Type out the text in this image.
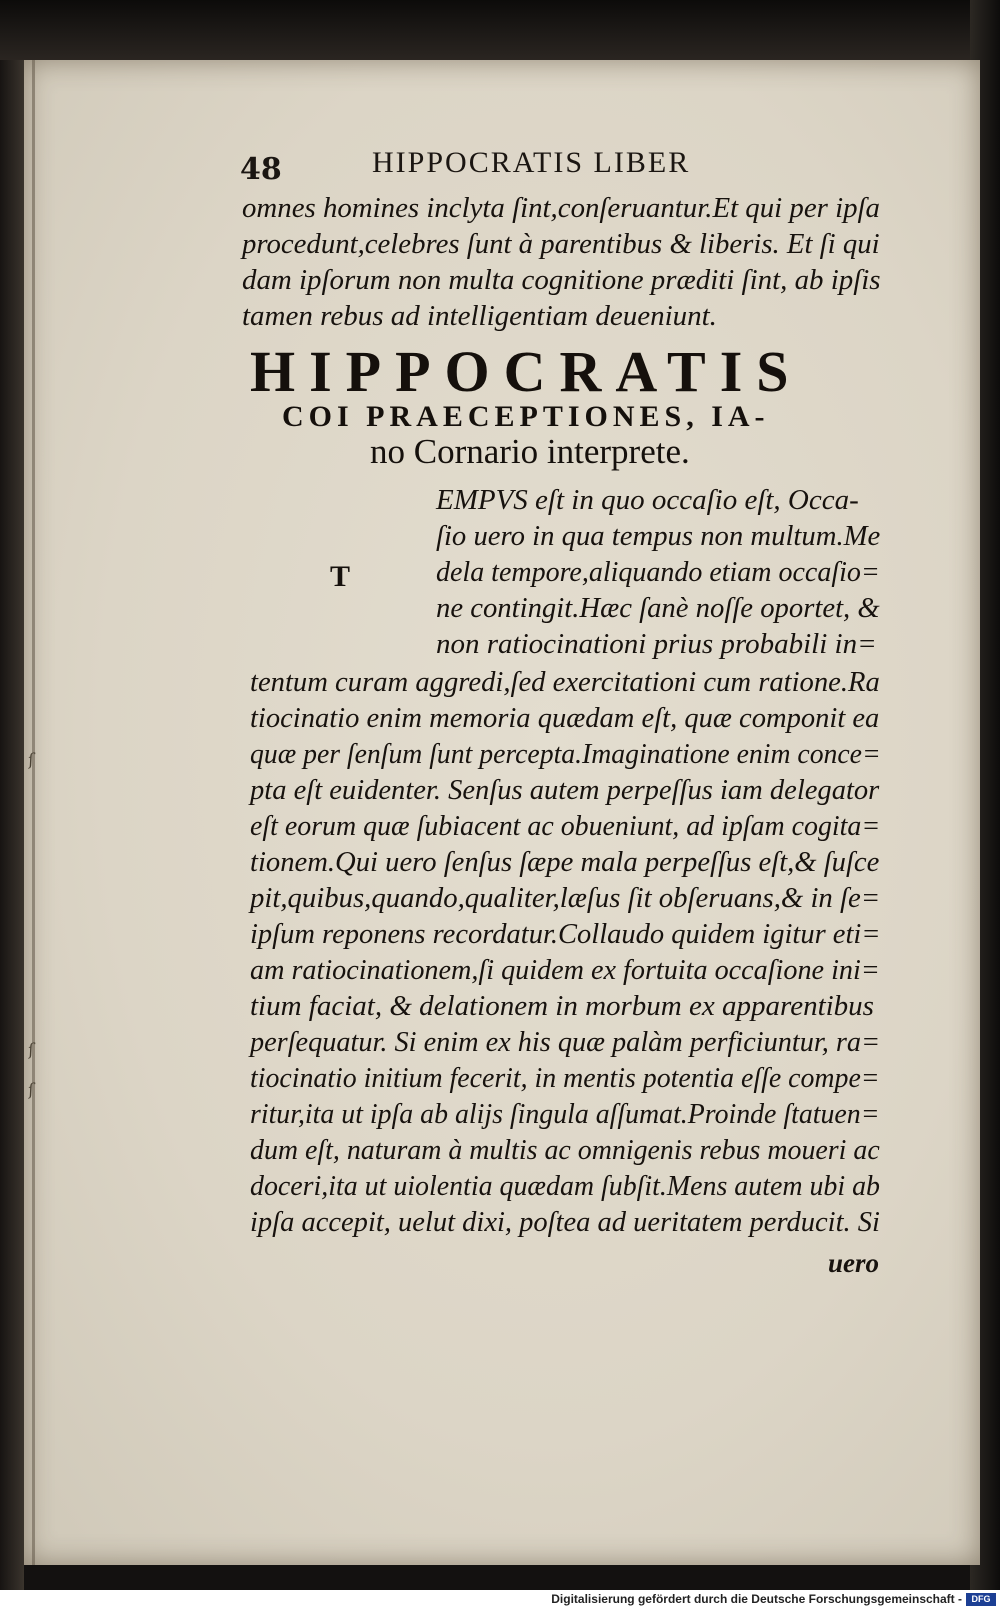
ſ
ſ
ſ
48	HIPPOCRATIS LIBER
omnes homines inclyta ſint,conſeruantur.Et qui per ipſa
procedunt,celebres ſunt à parentibus & liberis. Et ſi qui
dam ipſorum non multa cognitione præditi ſint, ab ipſis
tamen rebus ad intelligentiam deueniunt.
HIPPOCRATIS
COI PRAECEPTIONES, IA-
no Cornario interprete.
T
EMPVS eſt in quo occaſio eſt, Occa-
ſio uero in qua tempus non multum.Me
dela tempore,aliquando etiam occaſio=
ne contingit.Hæc ſanè noſſe oportet, &
non ratiocinationi prius probabili in=
tentum curam aggredi,ſed exercitationi cum ratione.Ra
tiocinatio enim memoria quædam eſt, quæ componit ea
quæ per ſenſum ſunt percepta.Imaginatione enim conce=
pta eſt euidenter. Senſus autem perpeſſus iam delegator
eſt eorum quæ ſubiacent ac obueniunt, ad ipſam cogita=
tionem.Qui uero ſenſus ſæpe mala perpeſſus eſt,& ſuſce
pit,quibus,quando,qualiter,læſus ſit obſeruans,& in ſe=
ipſum reponens recordatur.Collaudo quidem igitur eti=
am ratiocinationem,ſi quidem ex fortuita occaſione ini=
tium faciat, & delationem in morbum ex apparentibus
perſequatur. Si enim ex his quæ palàm perficiuntur, ra=
tiocinatio initium fecerit, in mentis potentia eſſe compe=
ritur,ita ut ipſa ab alijs ſingula aſſumat.Proinde ſtatuen=
dum eſt, naturam à multis ac omnigenis rebus moueri ac
doceri,ita ut uiolentia quædam ſubſit.Mens autem ubi ab
ipſa accepit, uelut dixi, poſtea ad ueritatem perducit. Si
uero
Digitalisierung gefördert durch die Deutsche Forschungsgemeinschaft -	DFG
